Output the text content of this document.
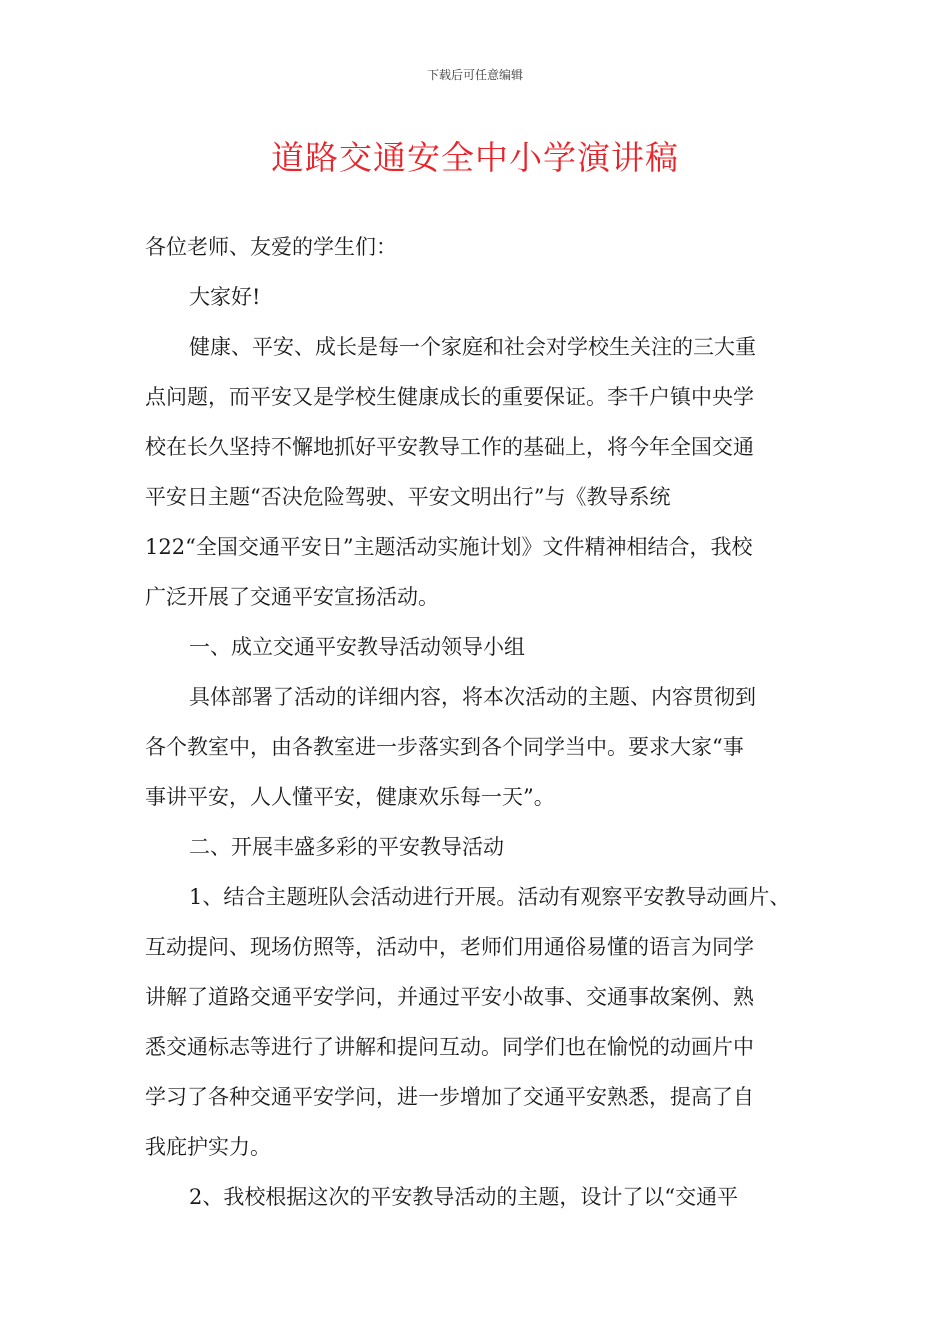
下载后可任意编辑
道路交通安全中小学演讲稿
各位老师、友爱的学生们：
大家好!
健康、平安、成长是每一个家庭和社会对学校生关注的三大重
点问题，而平安又是学校生健康成长的重要保证。李千户镇中央学
校在长久坚持不懈地抓好平安教导工作的基础上，将今年全国交通
平安日主题“否决危险驾驶、平安文明出行”与《教导系统
122“全国交通平安日”主题活动实施计划》文件精神相结合，我校
广泛开展了交通平安宣扬活动。
一、成立交通平安教导活动领导小组
具体部署了活动的详细内容，将本次活动的主题、内容贯彻到
各个教室中，由各教室进一步落实到各个同学当中。要求大家“事
事讲平安，人人懂平安，健康欢乐每一天”。
二、开展丰盛多彩的平安教导活动
1、结合主题班队会活动进行开展。活动有观察平安教导动画片、
互动提问、现场仿照等，活动中，老师们用通俗易懂的语言为同学
讲解了道路交通平安学问，并通过平安小故事、交通事故案例、熟
悉交通标志等进行了讲解和提问互动。同学们也在愉悦的动画片中
学习了各种交通平安学问，进一步增加了交通平安熟悉，提高了自
我庇护实力。
2、我校根据这次的平安教导活动的主题，设计了以“交通平
